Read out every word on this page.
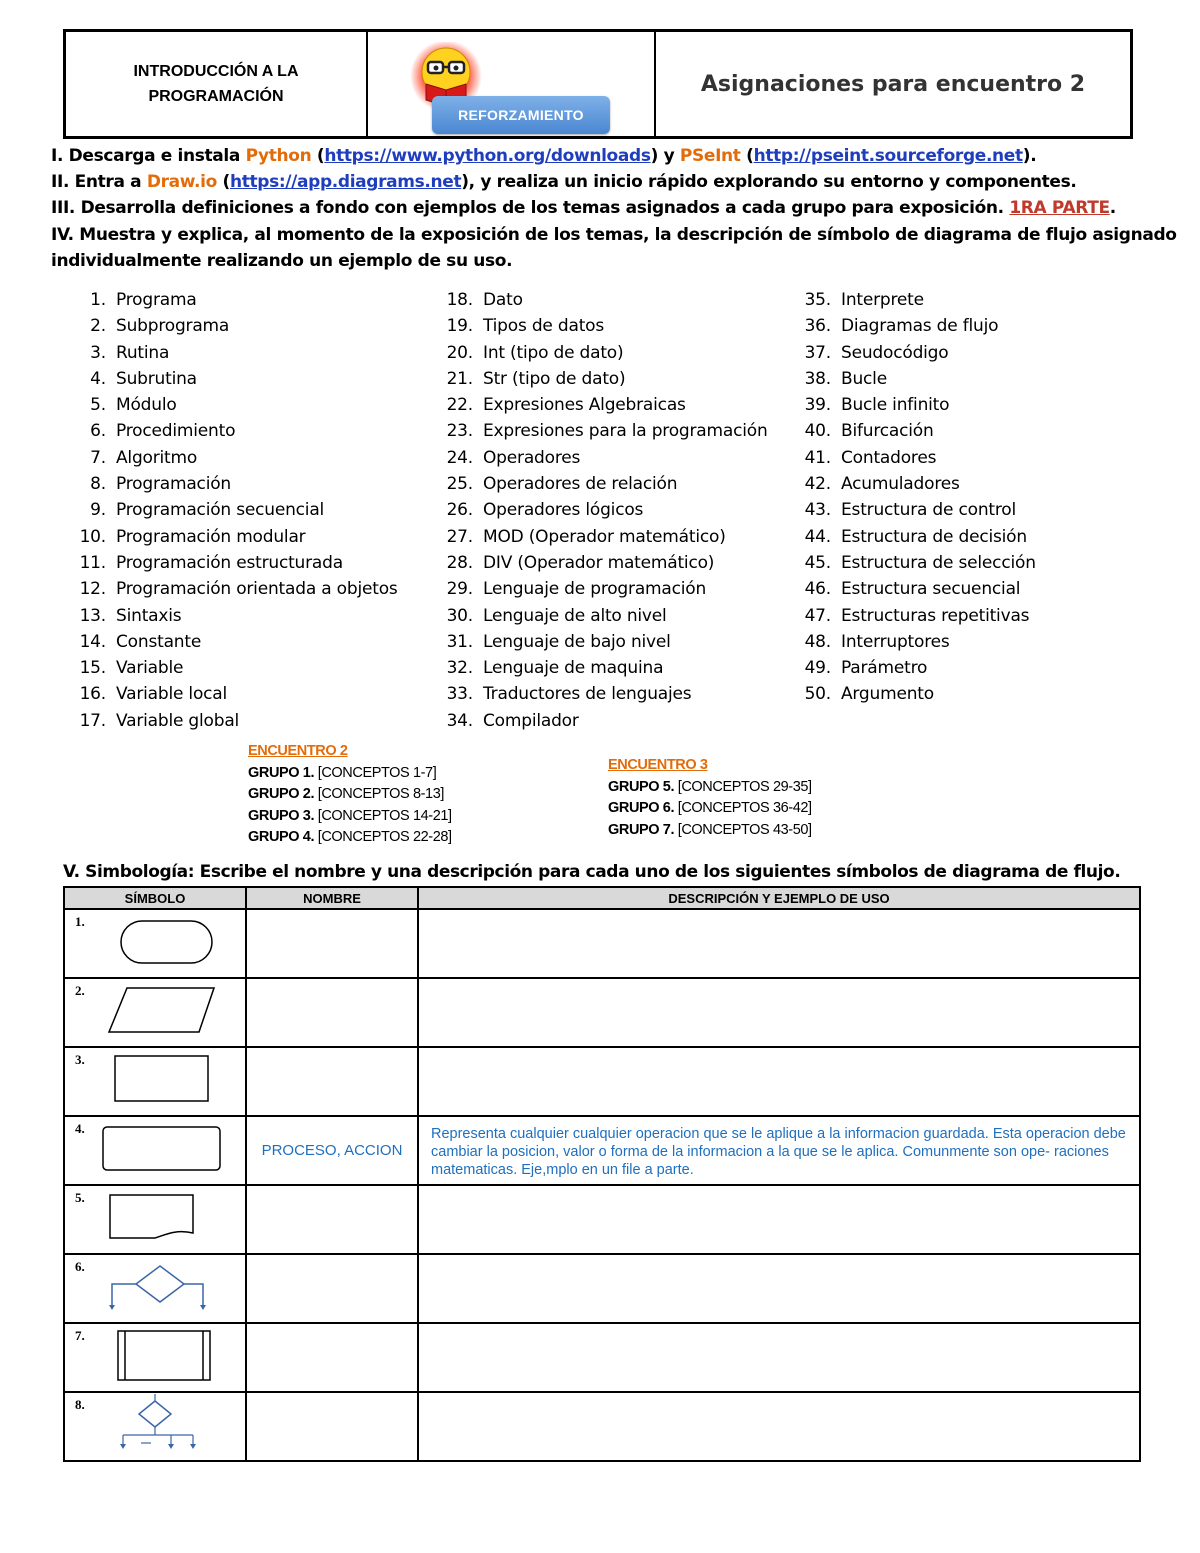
INTRODUCCIÓN A LA
PROGRAMACIÓN
REFORZAMIENTO
Asignaciones para encuentro 2
I. Descarga e instala Python (https://www.python.org/downloads) y PSeInt (http://pseint.sourceforge.net).
II. Entra a Draw.io (https://app.diagrams.net), y realiza un inicio rápido explorando su entorno y componentes.
III. Desarrolla definiciones a fondo con ejemplos de los temas asignados a cada grupo para exposición. 1RA PARTE.
IV. Muestra y explica, al momento de la exposición de los temas, la descripción de símbolo de diagrama de flujo asignado
individualmente realizando un ejemplo de su uso.
1. Programa
2. Subprograma
3. Rutina
4. Subrutina
5. Módulo
6. Procedimiento
7. Algoritmo
8. Programación
9. Programación secuencial
10. Programación modular
11. Programación estructurada
12. Programación orientada a objetos
13. Sintaxis
14. Constante
15. Variable
16. Variable local
17. Variable global
18. Dato
19. Tipos de datos
20. Int (tipo de dato)
21. Str (tipo de dato)
22. Expresiones Algebraicas
23. Expresiones para la programación
24. Operadores
25. Operadores de relación
26. Operadores lógicos
27. MOD (Operador matemático)
28. DIV (Operador matemático)
29. Lenguaje de programación
30. Lenguaje de alto nivel
31. Lenguaje de bajo nivel
32. Lenguaje de maquina
33. Traductores de lenguajes
34. Compilador
35. Interprete
36. Diagramas de flujo
37. Seudocódigo
38. Bucle
39. Bucle infinito
40. Bifurcación
41. Contadores
42. Acumuladores
43. Estructura de control
44. Estructura de decisión
45. Estructura de selección
46. Estructura secuencial
47. Estructuras repetitivas
48. Interruptores
49. Parámetro
50. Argumento
ENCUENTRO 2
GRUPO 1. [CONCEPTOS 1-7]
GRUPO 2. [CONCEPTOS 8-13]
GRUPO 3. [CONCEPTOS 14-21]
GRUPO 4. [CONCEPTOS 22-28]
ENCUENTRO 3
GRUPO 5. [CONCEPTOS 29-35]
GRUPO 6. [CONCEPTOS 36-42]
GRUPO 7. [CONCEPTOS 43-50]
V. Simbología: Escribe el nombre y una descripción para cada uno de los siguientes símbolos de diagrama de flujo.
SÍMBOLO	NOMBRE	DESCRIPCIÓN Y EJEMPLO DE USO

1.		

2.		

3.		

4.	PROCESO, ACCION	Representa cualquier cualquier operacion que se le aplique a la informacion guardada. Esta operacion debe cambiar la posicion, valor o forma de la informacion a la que se le aplica. Comunmente son ope- raciones matematicas. Eje,mplo en un file a parte.

5.		

6.		

7.		

8.		
